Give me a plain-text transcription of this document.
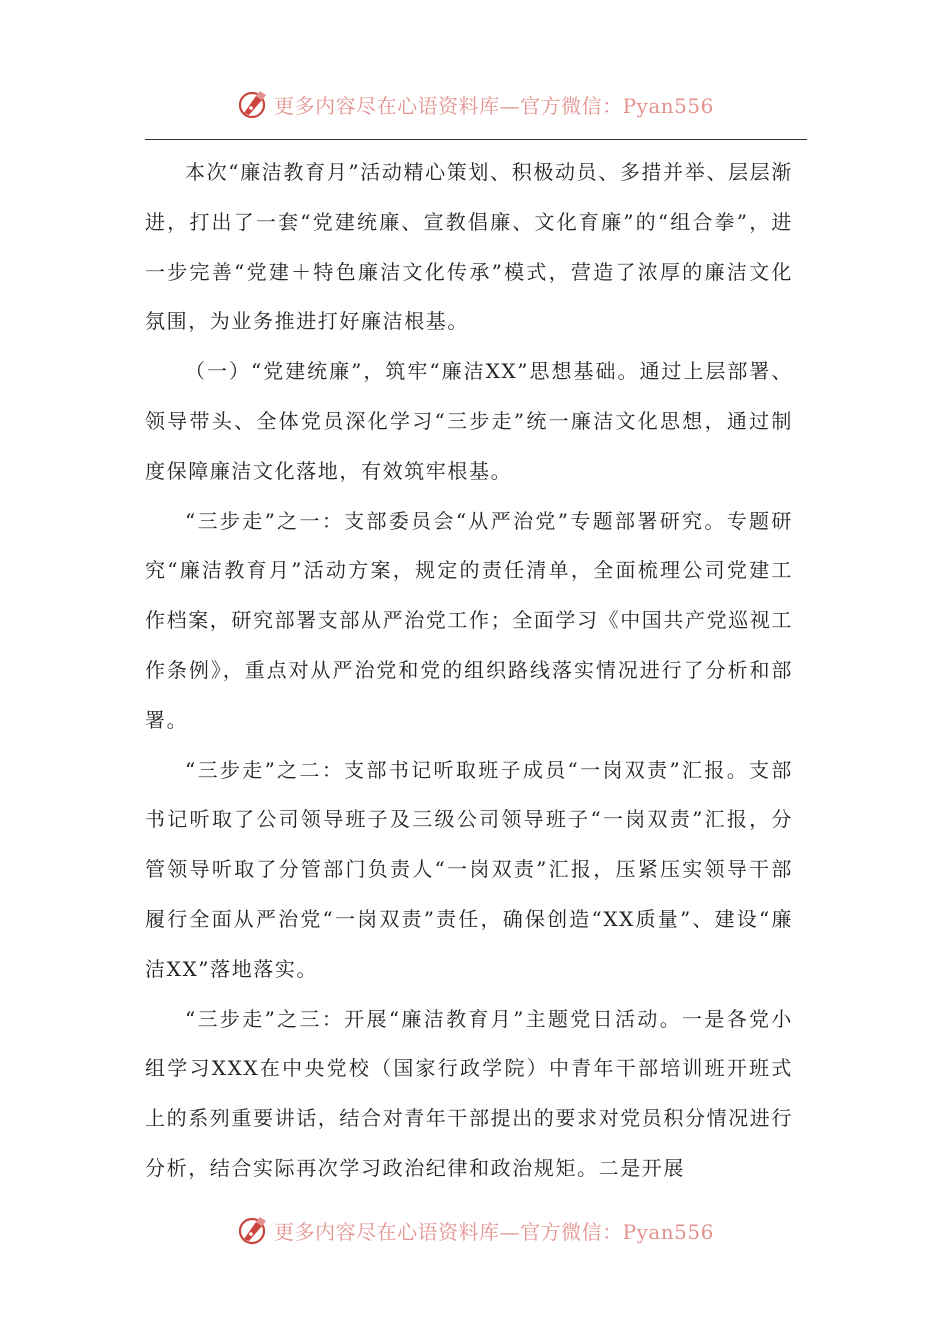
更多内容尽在心语资料库—官方微信：Pyan556

本次“廉洁教育月”活动精心策划、积极动员、多措并举、层层渐进，打出了一套“党建统廉、宣教倡廉、文化育廉”的“组合拳”，进一步完善“党建＋特色廉洁文化传承”模式，营造了浓厚的廉洁文化氛围，为业务推进打好廉洁根基。

（一）“党建统廉”，筑牢“廉洁XX”思想基础。通过上层部署、领导带头、全体党员深化学习“三步走”统一廉洁文化思想，通过制度保障廉洁文化落地，有效筑牢根基。

“三步走”之一：支部委员会“从严治党”专题部署研究。专题研究“廉洁教育月”活动方案，规定的责任清单，全面梳理公司党建工作档案，研究部署支部从严治党工作；全面学习《中国共产党巡视工作条例》，重点对从严治党和党的组织路线落实情况进行了分析和部署。

“三步走”之二：支部书记听取班子成员“一岗双责”汇报。支部书记听取了公司领导班子及三级公司领导班子“一岗双责”汇报，分管领导听取了分管部门负责人“一岗双责”汇报，压紧压实领导干部履行全面从严治党“一岗双责”责任，确保创造“XX质量”、建设“廉洁XX”落地落实。

“三步走”之三：开展“廉洁教育月”主题党日活动。一是各党小组学习XXX在中央党校（国家行政学院）中青年干部培训班开班式上的系列重要讲话，结合对青年干部提出的要求对党员积分情况进行分析，结合实际再次学习政治纪律和政治规矩。二是开展

更多内容尽在心语资料库—官方微信：Pyan556
